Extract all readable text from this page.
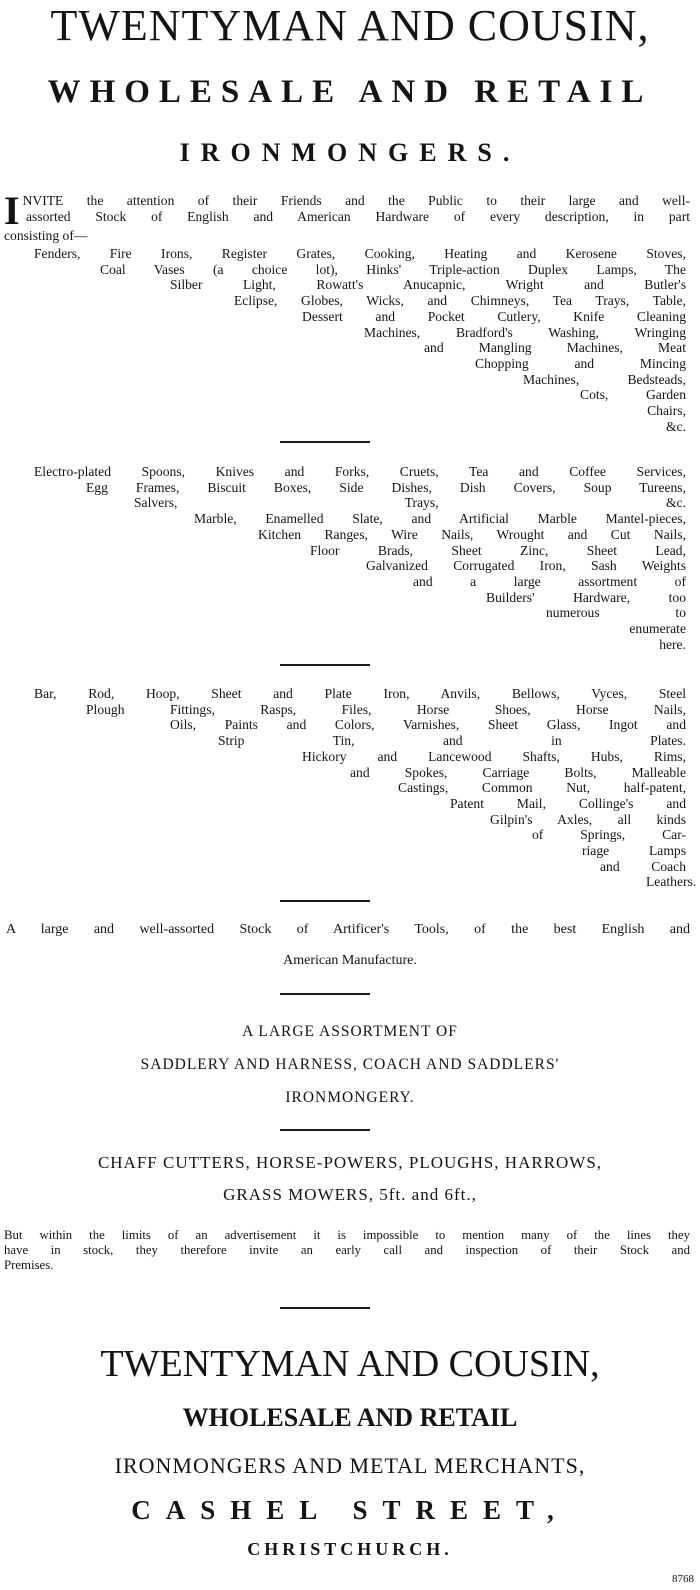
TWENTYMAN AND COUSIN,
WHOLESALE AND RETAIL
IRONMONGERS.
I NVITE the attention of their Friends and the Public to their large and well-
assorted Stock of English and American Hardware of every description, in part
consisting of—
Fenders, Fire Irons, Register Grates, Cooking, Heating and Kerosene Stoves,
Coal Vases (a choice lot), Hinks' Triple-action Duplex Lamps, The
Silber Light, Rowatt's Anucapnic, Wright and Butler's
Eclipse, Globes, Wicks, and Chimneys, Tea Trays, Table,
Dessert and Pocket Cutlery, Knife Cleaning
Machines, Bradford's Washing, Wringing
and Mangling Machines, Meat
Chopping and Mincing
Machines, Bedsteads,
Cots, Garden
Chairs,
&c.
Electro-plated Spoons, Knives and Forks, Cruets, Tea and Coffee Services,
Egg Frames, Biscuit Boxes, Side Dishes, Dish Covers, Soup Tureens,
Salvers, Trays, &c.
Marble, Enamelled Slate, and Artificial Marble Mantel-pieces,
Kitchen Ranges, Wire Nails, Wrought and Cut Nails,
Floor Brads, Sheet Zinc, Sheet Lead,
Galvanized Corrugated Iron, Sash Weights
and a large assortment of
Builders' Hardware, too
numerous to
enumerate
here.
Bar, Rod, Hoop, Sheet and Plate Iron, Anvils, Bellows, Vyces, Steel
Plough Fittings, Rasps, Files, Horse Shoes, Horse Nails,
Oils, Paints and Colors, Varnishes, Sheet Glass, Ingot and
Strip Tin, and in Plates.
Hickory and Lancewood Shafts, Hubs, Rims,
and Spokes, Carriage Bolts, Malleable
Castings, Common Nut, half-patent,
Patent Mail, Collinge's and
Gilpin's Axles, all kinds
of Springs, Car-
riage Lamps
and Coach
Leathers.
A large and well-assorted Stock of Artificer's Tools, of the best English and
American Manufacture.
A LARGE ASSORTMENT OF
SADDLERY AND HARNESS, COACH AND SADDLERS'
IRONMONGERY.
CHAFF CUTTERS, HORSE-POWERS, PLOUGHS, HARROWS,
GRASS MOWERS, 5ft. and 6ft.,
But within the limits of an advertisement it is impossible to mention many of the lines they
have in stock, they therefore invite an early call and inspection of their Stock and
Premises.
TWENTYMAN AND COUSIN,
WHOLESALE AND RETAIL
IRONMONGERS AND METAL MERCHANTS,
CASHEL STREET,
CHRISTCHURCH.
8768
